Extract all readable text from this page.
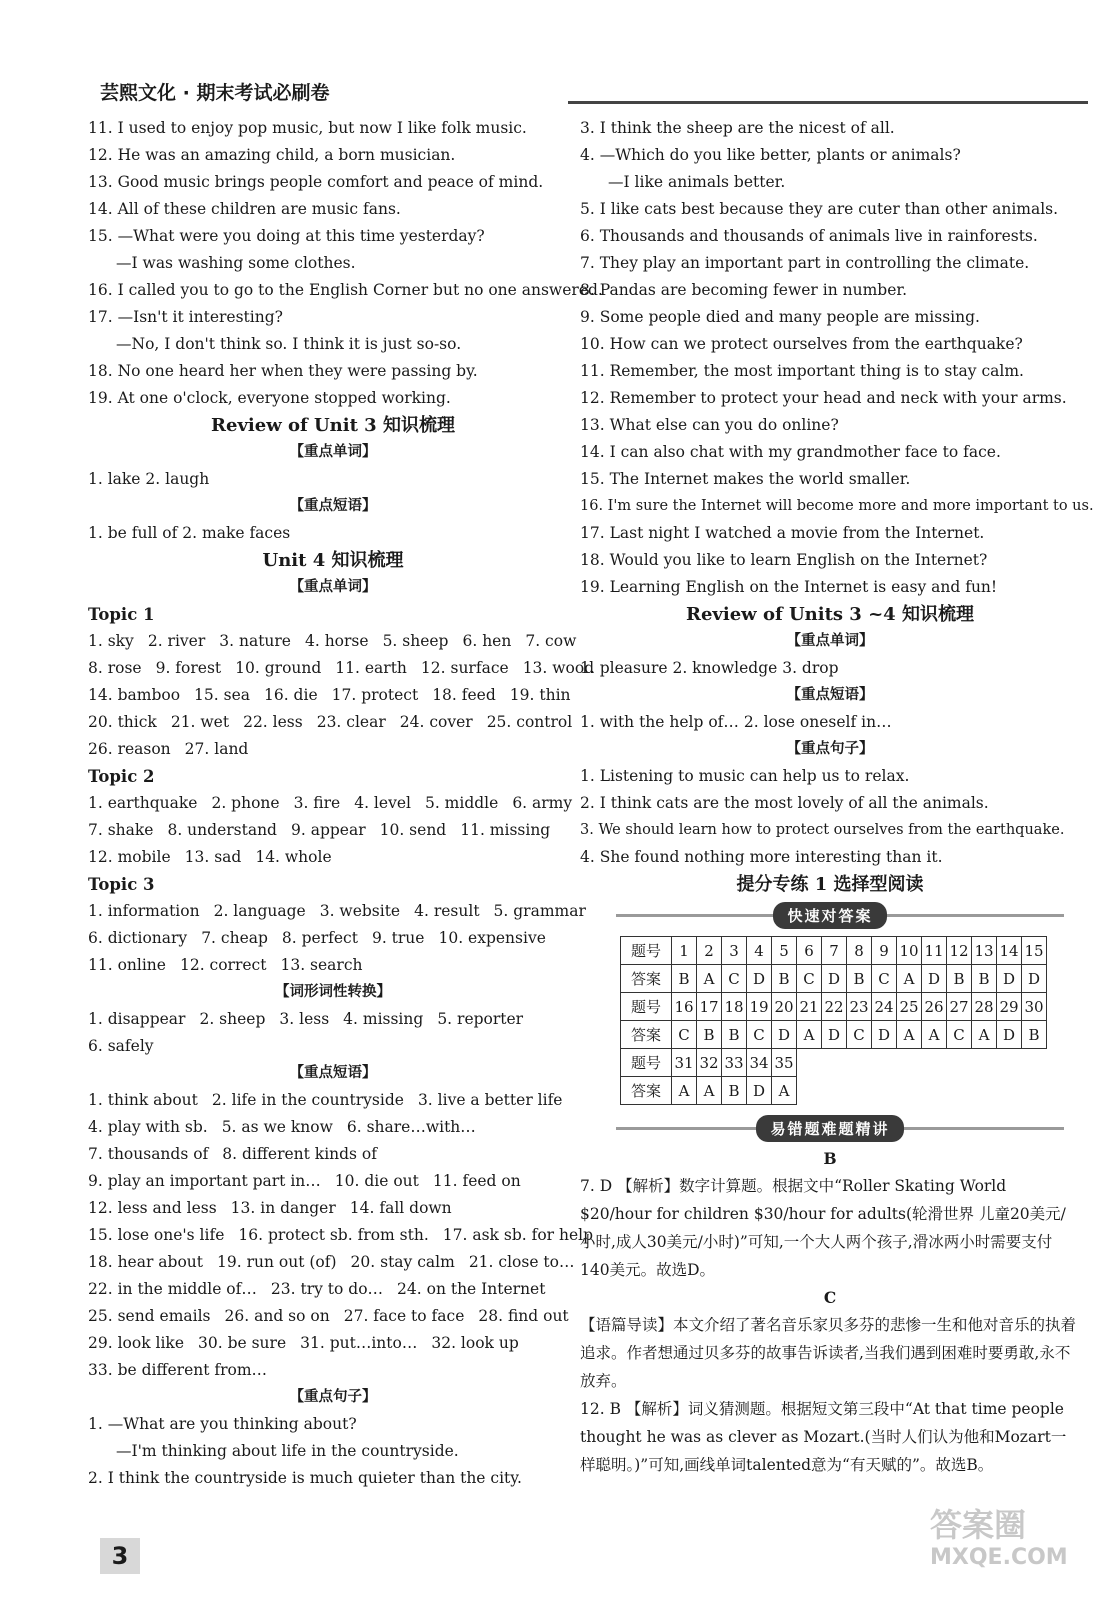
芸熙文化 · 期末考试必刷卷
11. I used to enjoy pop music, but now I like folk music.
12. He was an amazing child, a born musician.
13. Good music brings people comfort and peace of mind.
14. All of these children are music fans.
15. —What were you doing at this time yesterday?
—I was washing some clothes.
16. I called you to go to the English Corner but no one answered.
17. —Isn't it interesting?
—No, I don't think so. I think it is just so-so.
18. No one heard her when they were passing by.
19. At one o'clock, everyone stopped working.
Review of Unit 3 知识梳理
【重点单词】
1. lake 2. laugh
【重点短语】
1. be full of 2. make faces
Unit 4 知识梳理
【重点单词】
Topic 1
1. sky 2. river 3. nature 4. horse 5. sheep 6. hen 7. cow
8. rose 9. forest 10. ground 11. earth 12. surface 13. wood
14. bamboo 15. sea 16. die 17. protect 18. feed 19. thin
20. thick 21. wet 22. less 23. clear 24. cover 25. control
26. reason 27. land
Topic 2
1. earthquake 2. phone 3. fire 4. level 5. middle 6. army
7. shake 8. understand 9. appear 10. send 11. missing
12. mobile 13. sad 14. whole
Topic 3
1. information 2. language 3. website 4. result 5. grammar
6. dictionary 7. cheap 8. perfect 9. true 10. expensive
11. online 12. correct 13. search
【词形词性转换】
1. disappear 2. sheep 3. less 4. missing 5. reporter
6. safely
【重点短语】
1. think about 2. life in the countryside 3. live a better life
4. play with sb. 5. as we know 6. share…with…
7. thousands of 8. different kinds of
9. play an important part in… 10. die out 11. feed on
12. less and less 13. in danger 14. fall down
15. lose one's life 16. protect sb. from sth. 17. ask sb. for help
18. hear about 19. run out (of) 20. stay calm 21. close to…
22. in the middle of… 23. try to do… 24. on the Internet
25. send emails 26. and so on 27. face to face 28. find out
29. look like 30. be sure 31. put…into… 32. look up
33. be different from…
【重点句子】
1. —What are you thinking about?
—I'm thinking about life in the countryside.
2. I think the countryside is much quieter than the city.
3. I think the sheep are the nicest of all.
4. —Which do you like better, plants or animals?
—I like animals better.
5. I like cats best because they are cuter than other animals.
6. Thousands and thousands of animals live in rainforests.
7. They play an important part in controlling the climate.
8. Pandas are becoming fewer in number.
9. Some people died and many people are missing.
10. How can we protect ourselves from the earthquake?
11. Remember, the most important thing is to stay calm.
12. Remember to protect your head and neck with your arms.
13. What else can you do online?
14. I can also chat with my grandmother face to face.
15. The Internet makes the world smaller.
16. I'm sure the Internet will become more and more important to us.
17. Last night I watched a movie from the Internet.
18. Would you like to learn English on the Internet?
19. Learning English on the Internet is easy and fun!
Review of Units 3 ~4 知识梳理
【重点单词】
1. pleasure 2. knowledge 3. drop
【重点短语】
1. with the help of… 2. lose oneself in…
【重点句子】
1. Listening to music can help us to relax.
2. I think cats are the most lovely of all the animals.
3. We should learn how to protect ourselves from the earthquake.
4. She found nothing more interesting than it.
提分专练 1 选择型阅读
快速对答案
题号	1	2	3	4	5	6	7	8	9	10	11	12	13	14	15
答案	B	A	C	D	B	C	D	B	C	A	D	B	B	D	D
题号	16	17	18	19	20	21	22	23	24	25	26	27	28	29	30
答案	C	B	B	C	D	A	D	C	D	A	A	C	A	D	B
题号	31	32	33	34	35										
答案	A	A	B	D	A										
易错题难题精讲
B
7. D 【解析】数字计算题。根据文中“Roller Skating World $20/hour for children $30/hour for adults(轮滑世界 儿童20美元/小时,成人30美元/小时)”可知,一个大人两个孩子,滑冰两小时需要支付140美元。故选D。
C
【语篇导读】本文介绍了著名音乐家贝多芬的悲惨一生和他对音乐的执着追求。作者想通过贝多芬的故事告诉读者,当我们遇到困难时要勇敢,永不放弃。
12. B 【解析】词义猜测题。根据短文第三段中“At that time people thought he was as clever as Mozart.(当时人们认为他和Mozart一样聪明。)”可知,画线单词talented意为“有天赋的”。故选B。
3
答案圈
MXQE.COM
